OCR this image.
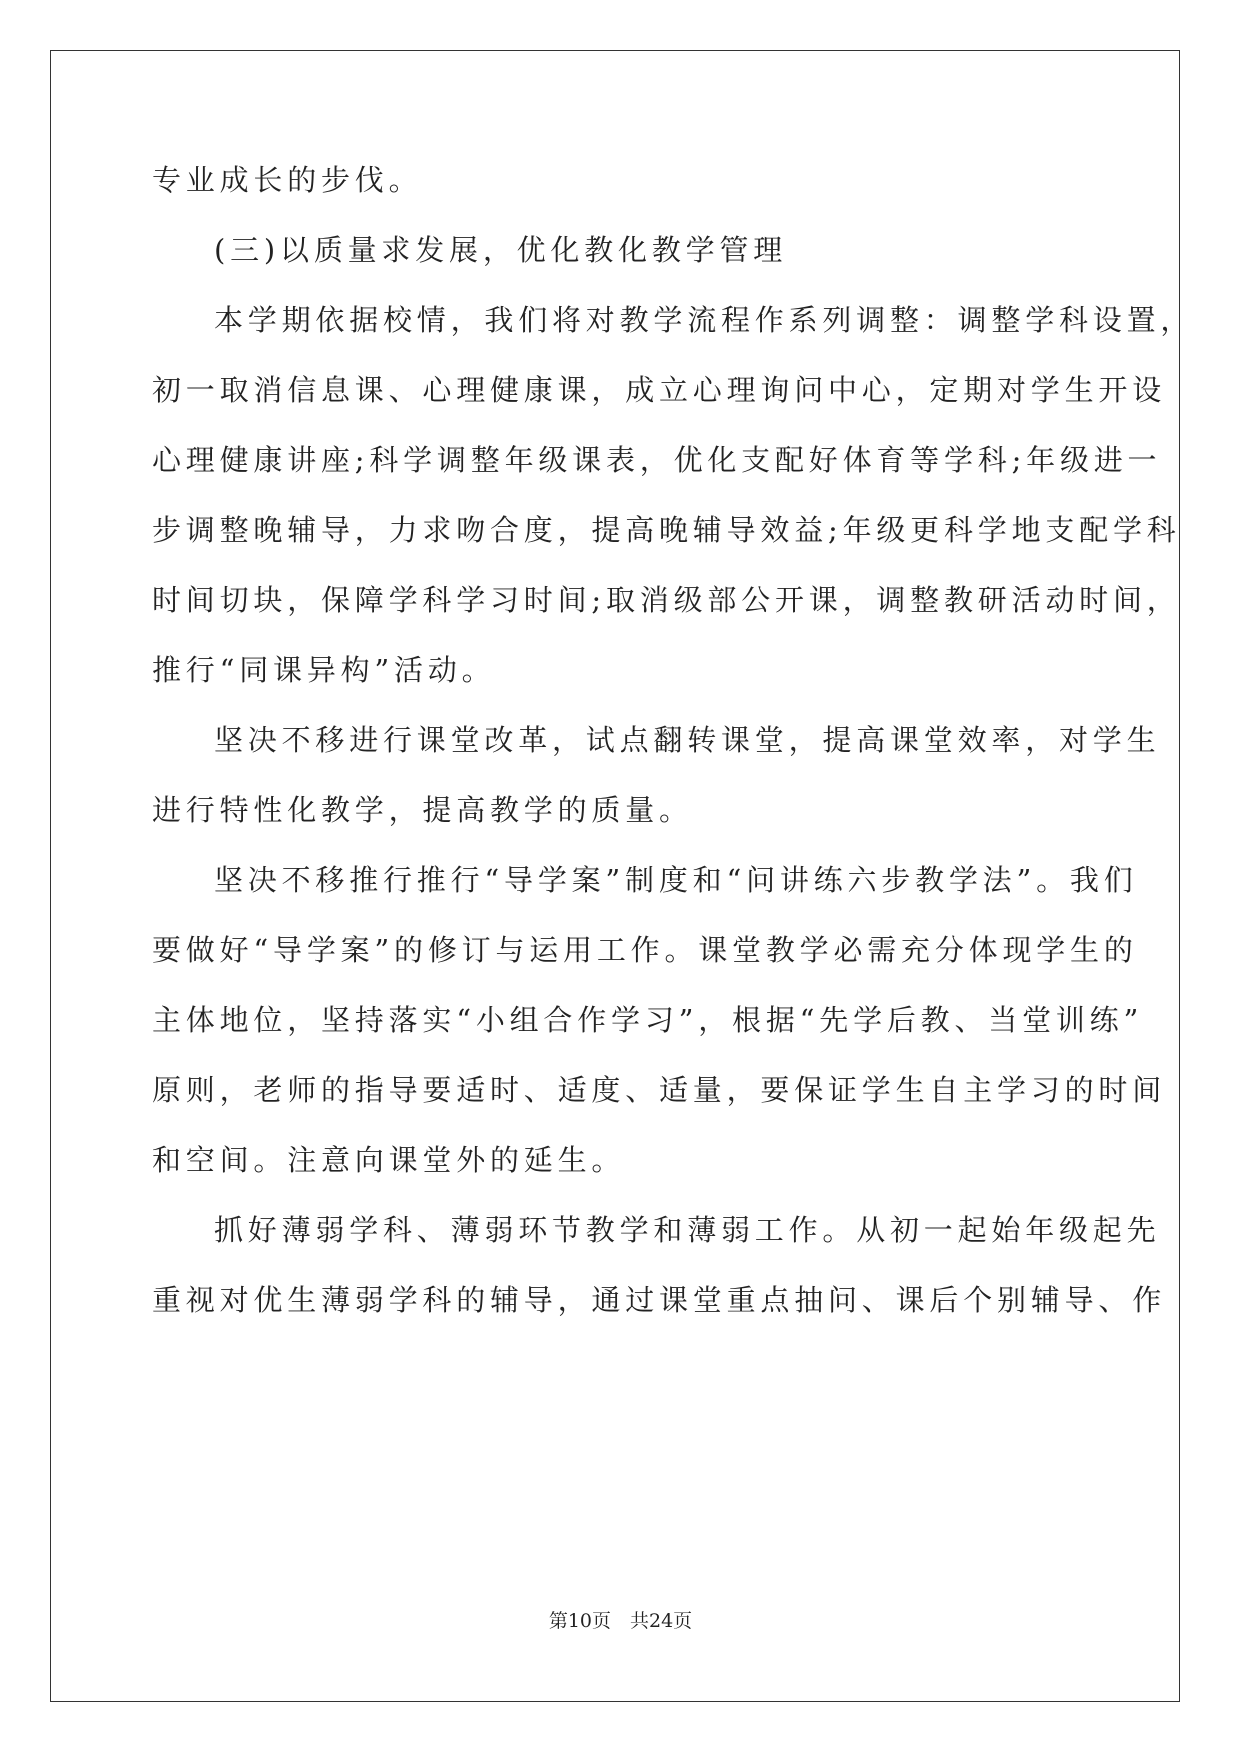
专业成长的步伐。
(三)以质量求发展，优化教化教学管理
本学期依据校情，我们将对教学流程作系列调整：调整学科设置，
初一取消信息课、心理健康课，成立心理询问中心，定期对学生开设
心理健康讲座;科学调整年级课表，优化支配好体育等学科;年级进一
步调整晚辅导，力求吻合度，提高晚辅导效益;年级更科学地支配学科
时间切块，保障学科学习时间;取消级部公开课，调整教研活动时间，
推行“同课异构”活动。
坚决不移进行课堂改革，试点翻转课堂，提高课堂效率，对学生
进行特性化教学，提高教学的质量。
坚决不移推行推行“导学案”制度和“问讲练六步教学法”。我们
要做好“导学案”的修订与运用工作。课堂教学必需充分体现学生的
主体地位，坚持落实“小组合作学习”，根据“先学后教、当堂训练”
原则，老师的指导要适时、适度、适量，要保证学生自主学习的时间
和空间。注意向课堂外的延生。
抓好薄弱学科、薄弱环节教学和薄弱工作。从初一起始年级起先
重视对优生薄弱学科的辅导，通过课堂重点抽问、课后个别辅导、作
第10页　共24页
